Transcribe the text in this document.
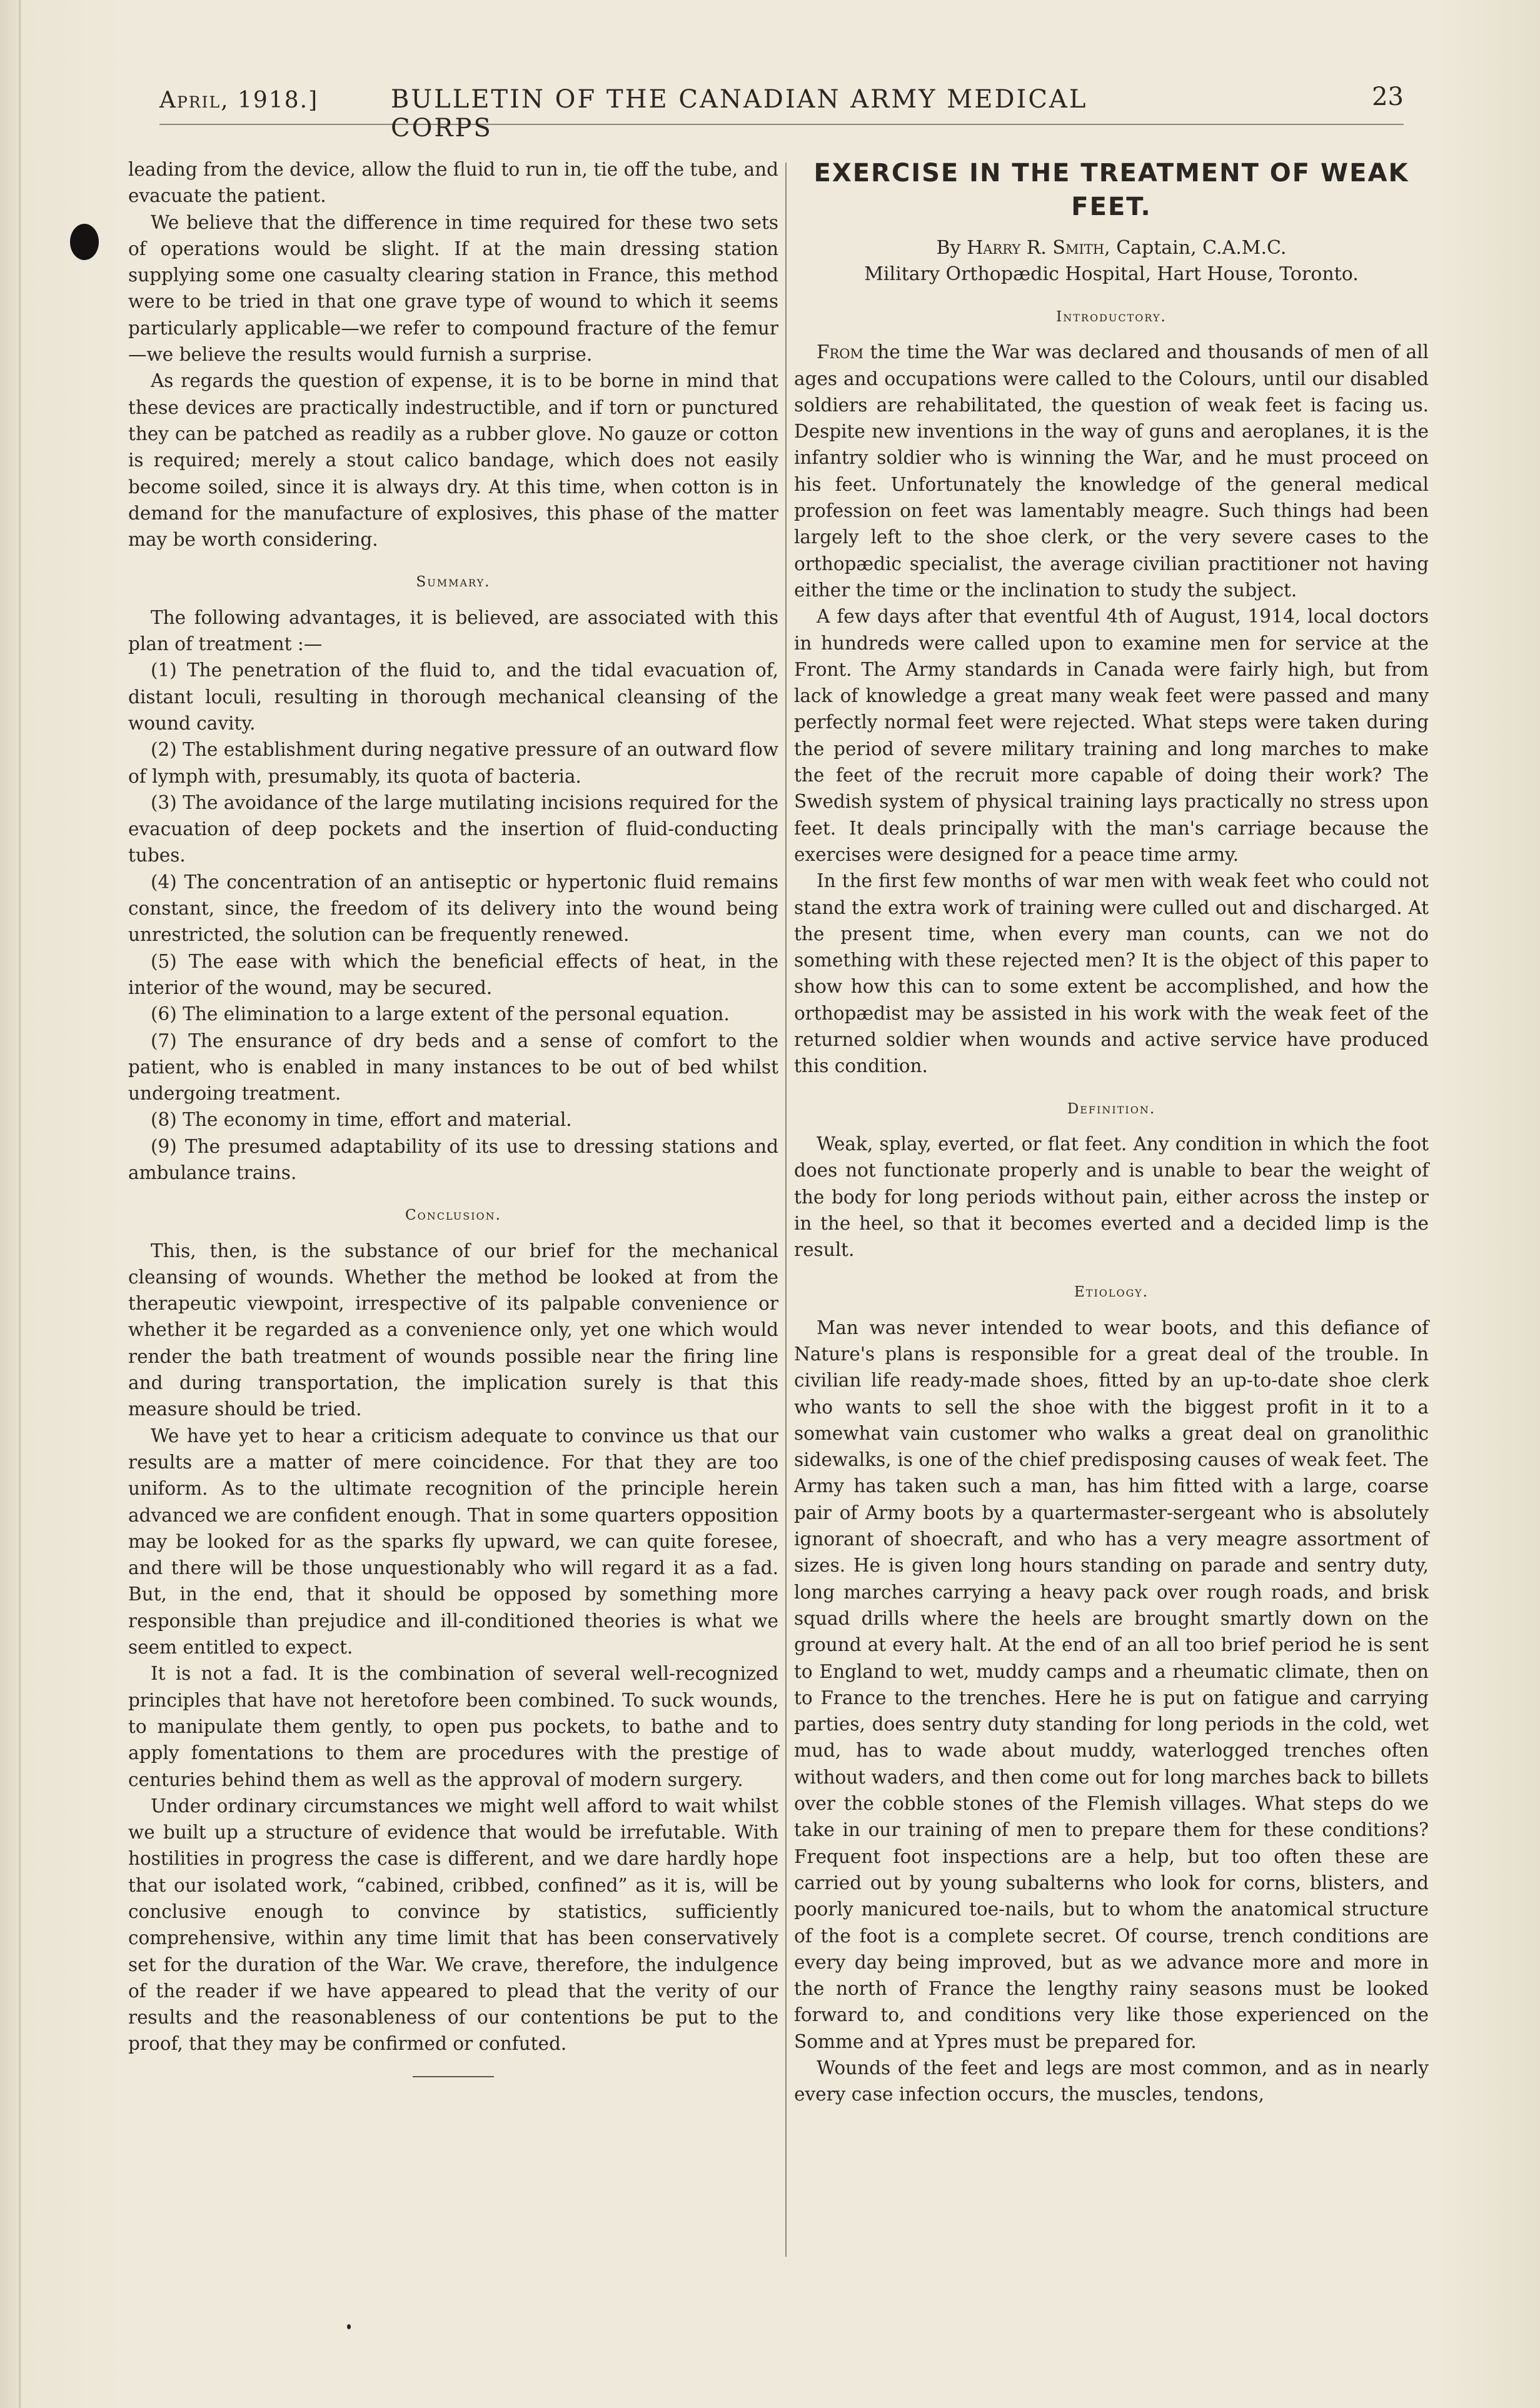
April, 1918.]	BULLETIN OF THE CANADIAN ARMY MEDICAL CORPS
23

leading from the device, allow the fluid to run in, tie off the tube, and evacuate the patient.

We believe that the difference in time required for these two sets of operations would be slight. If at the main dressing station supplying some one casualty clearing station in France, this method were to be tried in that one grave type of wound to which it seems particularly applicable—we refer to compound fracture of the femur—we believe the results would furnish a surprise.

As regards the question of expense, it is to be borne in mind that these devices are practically indestructible, and if torn or punctured they can be patched as readily as a rubber glove. No gauze or cotton is required; merely a stout calico bandage, which does not easily become soiled, since it is always dry. At this time, when cotton is in demand for the manufacture of explosives, this phase of the matter may be worth considering.

Summary.

The following advantages, it is believed, are associated with this plan of treatment :—

(1) The penetration of the fluid to, and the tidal evacuation of, distant loculi, resulting in thorough mechanical cleansing of the wound cavity.

(2) The establishment during negative pressure of an outward flow of lymph with, presumably, its quota of bacteria.

(3) The avoidance of the large mutilating incisions required for the evacuation of deep pockets and the insertion of fluid-conducting tubes.

(4) The concentration of an antiseptic or hypertonic fluid remains constant, since, the freedom of its delivery into the wound being unrestricted, the solution can be frequently renewed.

(5) The ease with which the beneficial effects of heat, in the interior of the wound, may be secured.

(6) The elimination to a large extent of the personal equation.

(7) The ensurance of dry beds and a sense of comfort to the patient, who is enabled in many instances to be out of bed whilst undergoing treatment.

(8) The economy in time, effort and material.

(9) The presumed adaptability of its use to dressing stations and ambulance trains.

Conclusion.

This, then, is the substance of our brief for the mechanical cleansing of wounds. Whether the method be looked at from the therapeutic viewpoint, irrespective of its palpable convenience or whether it be regarded as a convenience only, yet one which would render the bath treatment of wounds possible near the firing line and during transportation, the implication surely is that this measure should be tried.

We have yet to hear a criticism adequate to convince us that our results are a matter of mere coincidence. For that they are too uniform. As to the ultimate recognition of the principle herein advanced we are confident enough. That in some quarters opposition may be looked for as the sparks fly upward, we can quite foresee, and there will be those unquestionably who will regard it as a fad. But, in the end, that it should be opposed by something more responsible than prejudice and ill-conditioned theories is what we seem entitled to expect.

It is not a fad. It is the combination of several well-recognized principles that have not heretofore been combined. To suck wounds, to manipulate them gently, to open pus pockets, to bathe and to apply fomentations to them are procedures with the prestige of centuries behind them as well as the approval of modern surgery.

Under ordinary circumstances we might well afford to wait whilst we built up a structure of evidence that would be irrefutable. With hostilities in progress the case is different, and we dare hardly hope that our isolated work, “cabined, cribbed, confined” as it is, will be conclusive enough to convince by statistics, sufficiently comprehensive, within any time limit that has been conservatively set for the duration of the War. We crave, therefore, the indulgence of the reader if we have appeared to plead that the verity of our results and the reasonableness of our contentions be put to the proof, that they may be confirmed or confuted.

EXERCISE IN THE TREATMENT OF WEAK FEET.

By Harry R. Smith, Captain, C.A.M.C.

Military Orthopædic Hospital, Hart House, Toronto.

Introductory.

From the time the War was declared and thousands of men of all ages and occupations were called to the Colours, until our disabled soldiers are rehabilitated, the question of weak feet is facing us. Despite new inventions in the way of guns and aeroplanes, it is the infantry soldier who is winning the War, and he must proceed on his feet. Unfortunately the knowledge of the general medical profession on feet was lamentably meagre. Such things had been largely left to the shoe clerk, or the very severe cases to the orthopædic specialist, the average civilian practitioner not having either the time or the inclination to study the subject.

A few days after that eventful 4th of August, 1914, local doctors in hundreds were called upon to examine men for service at the Front. The Army standards in Canada were fairly high, but from lack of knowledge a great many weak feet were passed and many perfectly normal feet were rejected. What steps were taken during the period of severe military training and long marches to make the feet of the recruit more capable of doing their work? The Swedish system of physical training lays practically no stress upon feet. It deals principally with the man's carriage because the exercises were designed for a peace time army.

In the first few months of war men with weak feet who could not stand the extra work of training were culled out and discharged. At the present time, when every man counts, can we not do something with these rejected men? It is the object of this paper to show how this can to some extent be accomplished, and how the orthopædist may be assisted in his work with the weak feet of the returned soldier when wounds and active service have produced this condition.

Definition.

Weak, splay, everted, or flat feet. Any condition in which the foot does not functionate properly and is unable to bear the weight of the body for long periods without pain, either across the instep or in the heel, so that it becomes everted and a decided limp is the result.

Etiology.

Man was never intended to wear boots, and this defiance of Nature's plans is responsible for a great deal of the trouble. In civilian life ready-made shoes, fitted by an up-to-date shoe clerk who wants to sell the shoe with the biggest profit in it to a somewhat vain customer who walks a great deal on granolithic sidewalks, is one of the chief predisposing causes of weak feet. The Army has taken such a man, has him fitted with a large, coarse pair of Army boots by a quartermaster-sergeant who is absolutely ignorant of shoecraft, and who has a very meagre assortment of sizes. He is given long hours standing on parade and sentry duty, long marches carrying a heavy pack over rough roads, and brisk squad drills where the heels are brought smartly down on the ground at every halt. At the end of an all too brief period he is sent to England to wet, muddy camps and a rheumatic climate, then on to France to the trenches. Here he is put on fatigue and carrying parties, does sentry duty standing for long periods in the cold, wet mud, has to wade about muddy, waterlogged trenches often without waders, and then come out for long marches back to billets over the cobble stones of the Flemish villages. What steps do we take in our training of men to prepare them for these conditions? Frequent foot inspections are a help, but too often these are carried out by young subalterns who look for corns, blisters, and poorly manicured toe-nails, but to whom the anatomical structure of the foot is a complete secret. Of course, trench conditions are every day being improved, but as we advance more and more in the north of France the lengthy rainy seasons must be looked forward to, and conditions very like those experienced on the Somme and at Ypres must be prepared for.

Wounds of the feet and legs are most common, and as in nearly every case infection occurs, the muscles, tendons,
